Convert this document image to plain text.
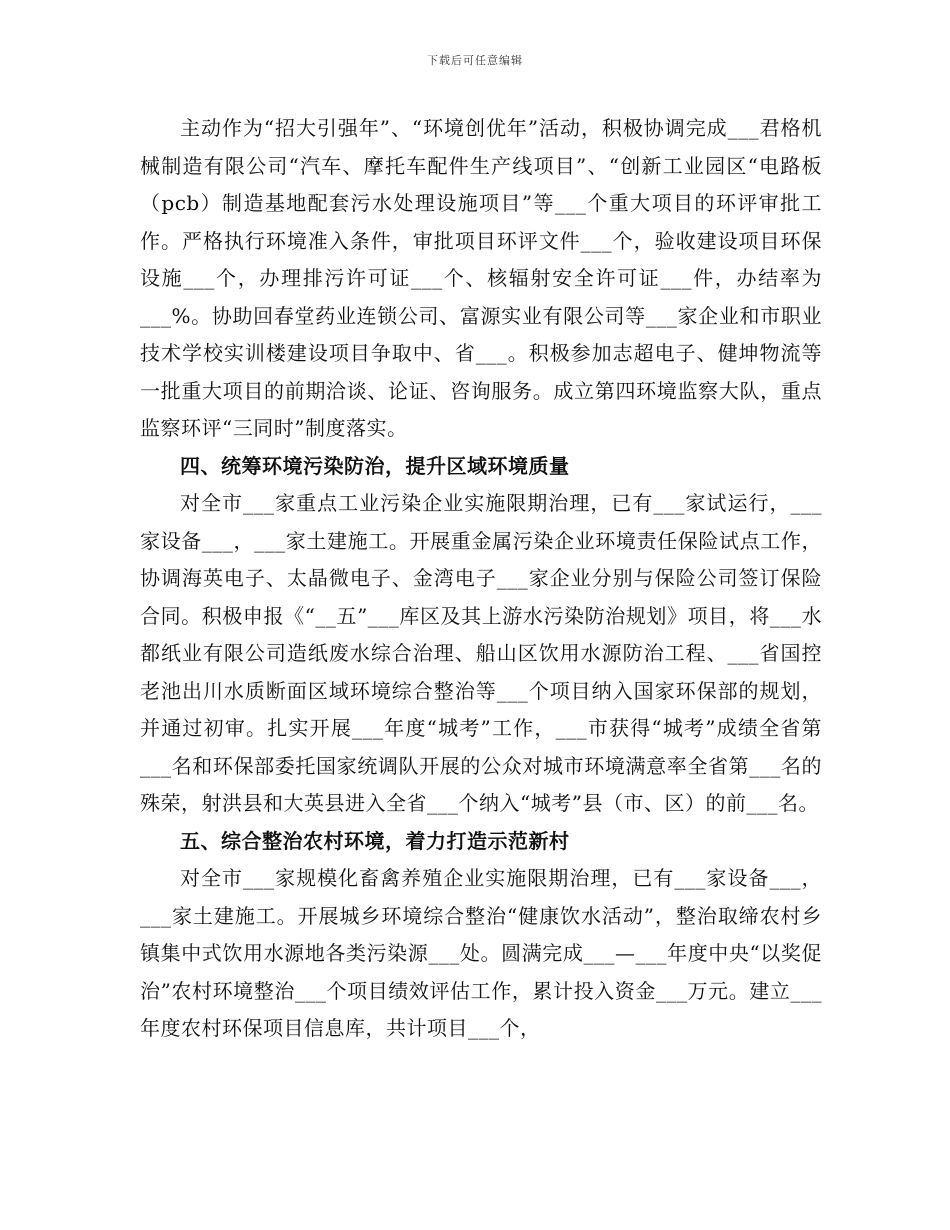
下载后可任意编辑

主动作为“招大引强年”、“环境创优年”活动，积极协调完成___君格机械制造有限公司“汽车、摩托车配件生产线项目”、“创新工业园区“电路板（pcb）制造基地配套污水处理设施项目”等___个重大项目的环评审批工作。严格执行环境准入条件，审批项目环评文件___个，验收建设项目环保设施___个，办理排污许可证___个、核辐射安全许可证___件，办结率为___%。协助回春堂药业连锁公司、富源实业有限公司等___家企业和市职业技术学校实训楼建设项目争取中、省___。积极参加志超电子、健坤物流等一批重大项目的前期洽谈、论证、咨询服务。成立第四环境监察大队，重点监察环评“三同时”制度落实。

四、统筹环境污染防治，提升区域环境质量

对全市___家重点工业污染企业实施限期治理，已有___家试运行，___家设备___，___家土建施工。开展重金属污染企业环境责任保险试点工作，协调海英电子、太晶微电子、金湾电子___家企业分别与保险公司签订保险合同。积极申报《“__五”___库区及其上游水污染防治规划》项目，将___水都纸业有限公司造纸废水综合治理、船山区饮用水源防治工程、___省国控老池出川水质断面区域环境综合整治等___个项目纳入国家环保部的规划，并通过初审。扎实开展___年度“城考”工作，___市获得“城考”成绩全省第___名和环保部委托国家统调队开展的公众对城市环境满意率全省第___名的殊荣，射洪县和大英县进入全省___个纳入“城考”县（市、区）的前___名。

五、综合整治农村环境，着力打造示范新村

对全市___家规模化畜禽养殖企业实施限期治理，已有___家设备___，___家土建施工。开展城乡环境综合整治“健康饮水活动”，整治取缔农村乡镇集中式饮用水源地各类污染源___处。圆满完成___—___年度中央“以奖促治”农村环境整治___个项目绩效评估工作，累计投入资金___万元。建立___年度农村环保项目信息库，共计项目___个，
